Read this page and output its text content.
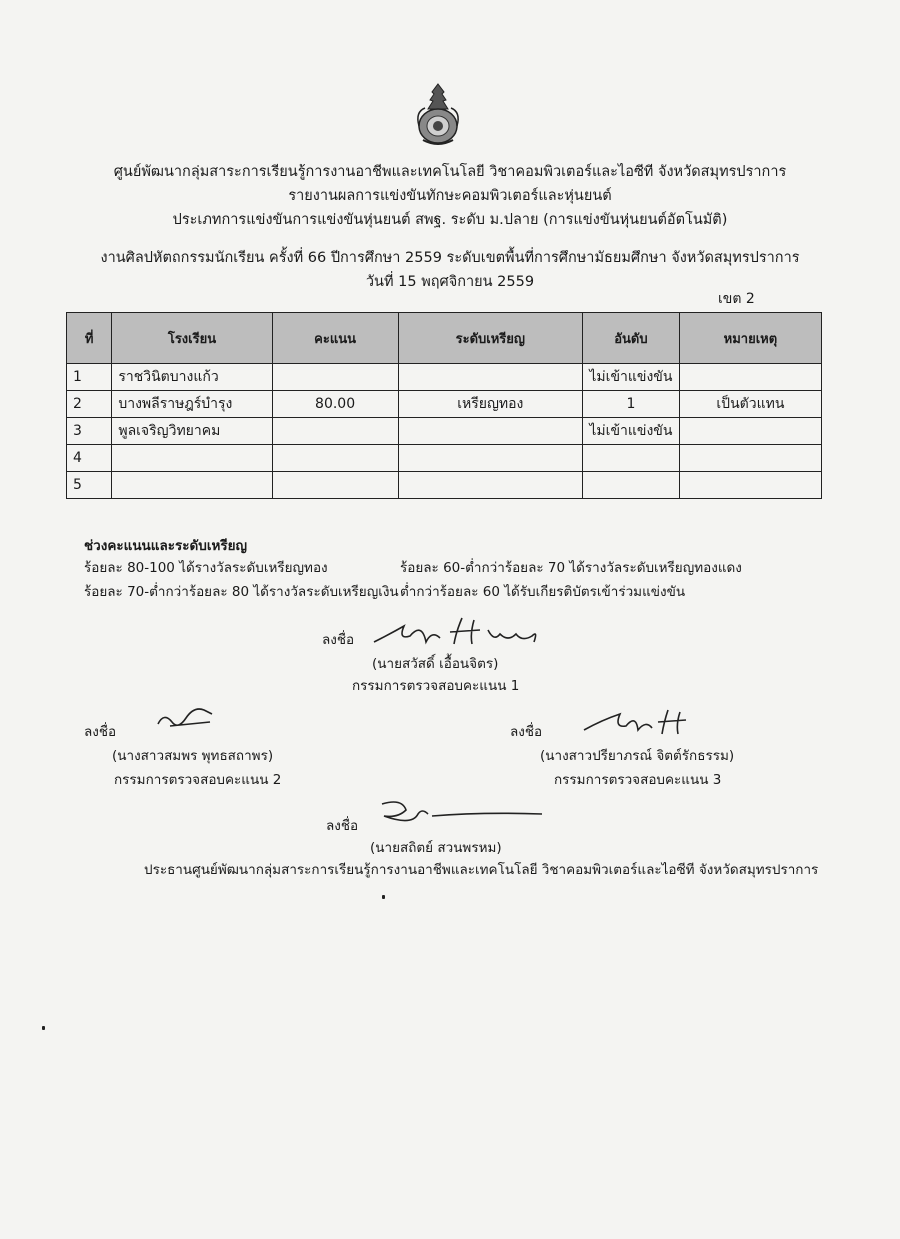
ศูนย์พัฒนากลุ่มสาระการเรียนรู้การงานอาชีพและเทคโนโลยี วิชาคอมพิวเตอร์และไอซีที จังหวัดสมุทรปราการ
รายงานผลการแข่งขันทักษะคอมพิวเตอร์และหุ่นยนต์
ประเภทการแข่งขันการแข่งขันหุ่นยนต์ สพฐ. ระดับ ม.ปลาย (การแข่งขันหุ่นยนต์อัตโนมัติ)
งานศิลปหัตถกรรมนักเรียน ครั้งที่ 66 ปีการศึกษา 2559 ระดับเขตพื้นที่การศึกษามัธยมศึกษา จังหวัดสมุทรปราการ
วันที่ 15 พฤศจิกายน 2559
เขต 2
ที่	โรงเรียน	คะแนน	ระดับเหรียญ	อันดับ	หมายเหตุ
1	ราชวินิตบางแก้ว			ไม่เข้าแข่งขัน	
2	บางพลีราษฎร์บำรุง	80.00	เหรียญทอง	1	เป็นตัวแทน
3	พูลเจริญวิทยาคม			ไม่เข้าแข่งขัน	
4					
5					
ช่วงคะแนนและระดับเหรียญ
ร้อยละ 80-100 ได้รางวัลระดับเหรียญทอง
ร้อยละ 70-ต่ำกว่าร้อยละ 80 ได้รางวัลระดับเหรียญเงิน
ร้อยละ 60-ต่ำกว่าร้อยละ 70 ได้รางวัลระดับเหรียญทองแดง
ต่ำกว่าร้อยละ 60 ได้รับเกียรติบัตรเข้าร่วมแข่งขัน
ลงชื่อ
(นายสวัสดิ์ เอื้อนจิตร)
กรรมการตรวจสอบคะแนน 1
ลงชื่อ
(นางสาวสมพร พุทธสถาพร)
กรรมการตรวจสอบคะแนน 2
ลงชื่อ
(นางสาวปรียาภรณ์ จิตต์รักธรรม)
กรรมการตรวจสอบคะแนน 3
ลงชื่อ
(นายสถิตย์ สวนพรหม)
ประธานศูนย์พัฒนากลุ่มสาระการเรียนรู้การงานอาชีพและเทคโนโลยี วิชาคอมพิวเตอร์และไอซีที จังหวัดสมุทรปราการ
